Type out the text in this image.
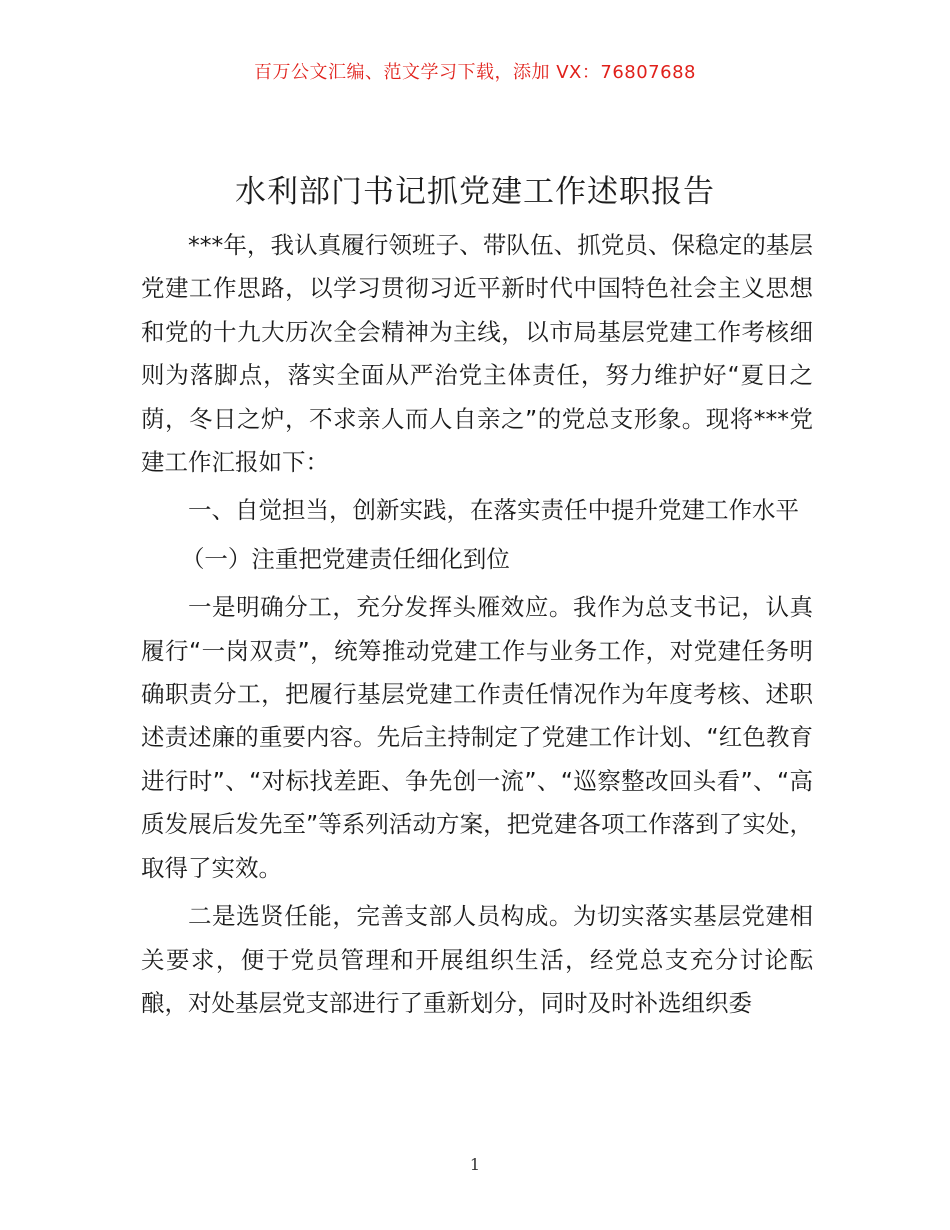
百万公文汇编、范文学习下载，添加 VX：76807688
水利部门书记抓党建工作述职报告

***年，我认真履行领班子、带队伍、抓党员、保稳定的基层党建工作思路，以学习贯彻习近平新时代中国特色社会主义思想和党的十九大历次全会精神为主线，以市局基层党建工作考核细则为落脚点，落实全面从严治党主体责任，努力维护好“夏日之荫，冬日之炉，不求亲人而人自亲之”的党总支形象。现将***党建工作汇报如下：

一、自觉担当，创新实践，在落实责任中提升党建工作水平

（一）注重把党建责任细化到位

一是明确分工，充分发挥头雁效应。我作为总支书记，认真履行“一岗双责”，统筹推动党建工作与业务工作，对党建任务明确职责分工，把履行基层党建工作责任情况作为年度考核、述职述责述廉的重要内容。先后主持制定了党建工作计划、“红色教育进行时”、“对标找差距、争先创一流”、“巡察整改回头看”、“高质发展后发先至”等系列活动方案，把党建各项工作落到了实处，取得了实效。

二是选贤任能，完善支部人员构成。为切实落实基层党建相关要求，便于党员管理和开展组织生活，经党总支充分讨论酝酿，对处基层党支部进行了重新划分，同时及时补选组织委

1
